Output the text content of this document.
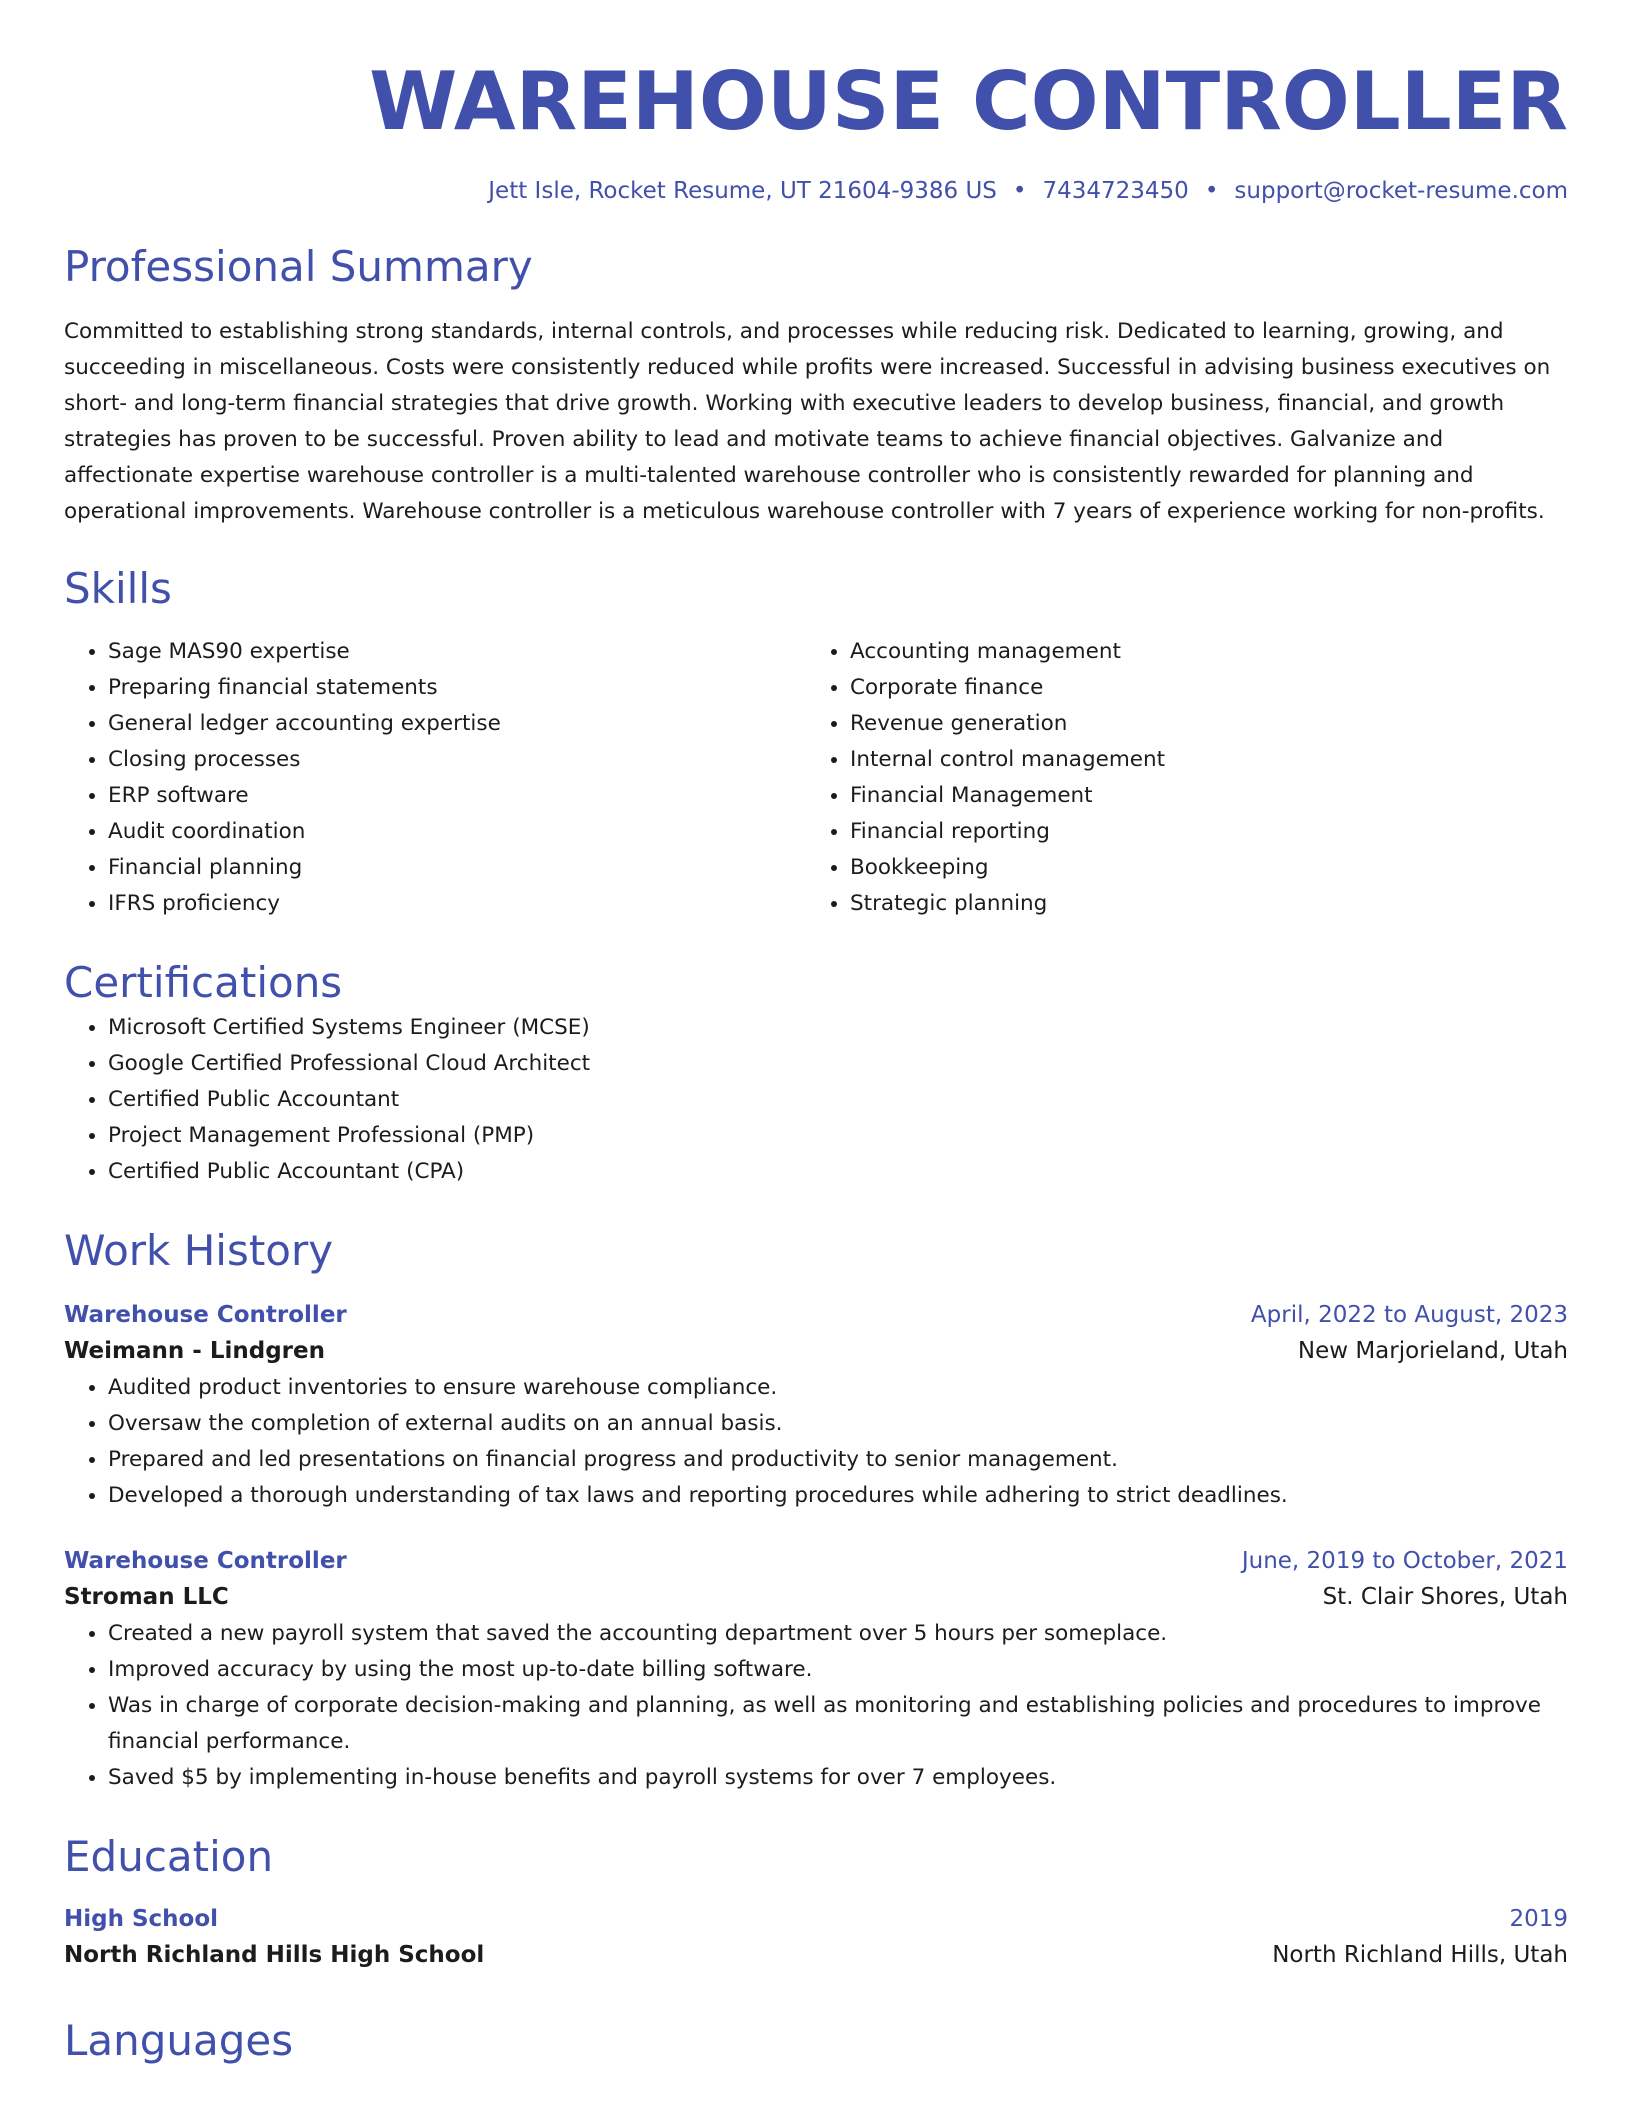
WAREHOUSE CONTROLLER
Jett Isle, Rocket Resume, UT 21604-9386 US • 7434723450 • support@rocket-resume.com
Professional Summary
Committed to establishing strong standards, internal controls, and processes while reducing risk. Dedicated to learning, growing, and succeeding in miscellaneous. Costs were consistently reduced while profits were increased. Successful in advising business executives on short- and long-term financial strategies that drive growth. Working with executive leaders to develop business, financial, and growth strategies has proven to be successful. Proven ability to lead and motivate teams to achieve financial objectives. Galvanize and affectionate expertise warehouse controller is a multi-talented warehouse controller who is consistently rewarded for planning and operational improvements. Warehouse controller is a meticulous warehouse controller with 7 years of experience working for non-profits.
Skills
• Sage MAS90 expertise
• Preparing financial statements
• General ledger accounting expertise
• Closing processes
• ERP software
• Audit coordination
• Financial planning
• IFRS proficiency
• Accounting management
• Corporate finance
• Revenue generation
• Internal control management
• Financial Management
• Financial reporting
• Bookkeeping
• Strategic planning
Certifications
• Microsoft Certified Systems Engineer (MCSE)
• Google Certified Professional Cloud Architect
• Certified Public Accountant
• Project Management Professional (PMP)
• Certified Public Accountant (CPA)
Work History
Warehouse Controller	April, 2022 to August, 2023
Weimann - Lindgren	New Marjorieland, Utah
• Audited product inventories to ensure warehouse compliance.
• Oversaw the completion of external audits on an annual basis.
• Prepared and led presentations on financial progress and productivity to senior management.
• Developed a thorough understanding of tax laws and reporting procedures while adhering to strict deadlines.
Warehouse Controller	June, 2019 to October, 2021
Stroman LLC	St. Clair Shores, Utah
• Created a new payroll system that saved the accounting department over 5 hours per someplace.
• Improved accuracy by using the most up-to-date billing software.
• Was in charge of corporate decision-making and planning, as well as monitoring and establishing policies and procedures to improve financial performance.
• Saved $5 by implementing in-house benefits and payroll systems for over 7 employees.
Education
High School	2019
North Richland Hills High School	North Richland Hills, Utah
Languages
